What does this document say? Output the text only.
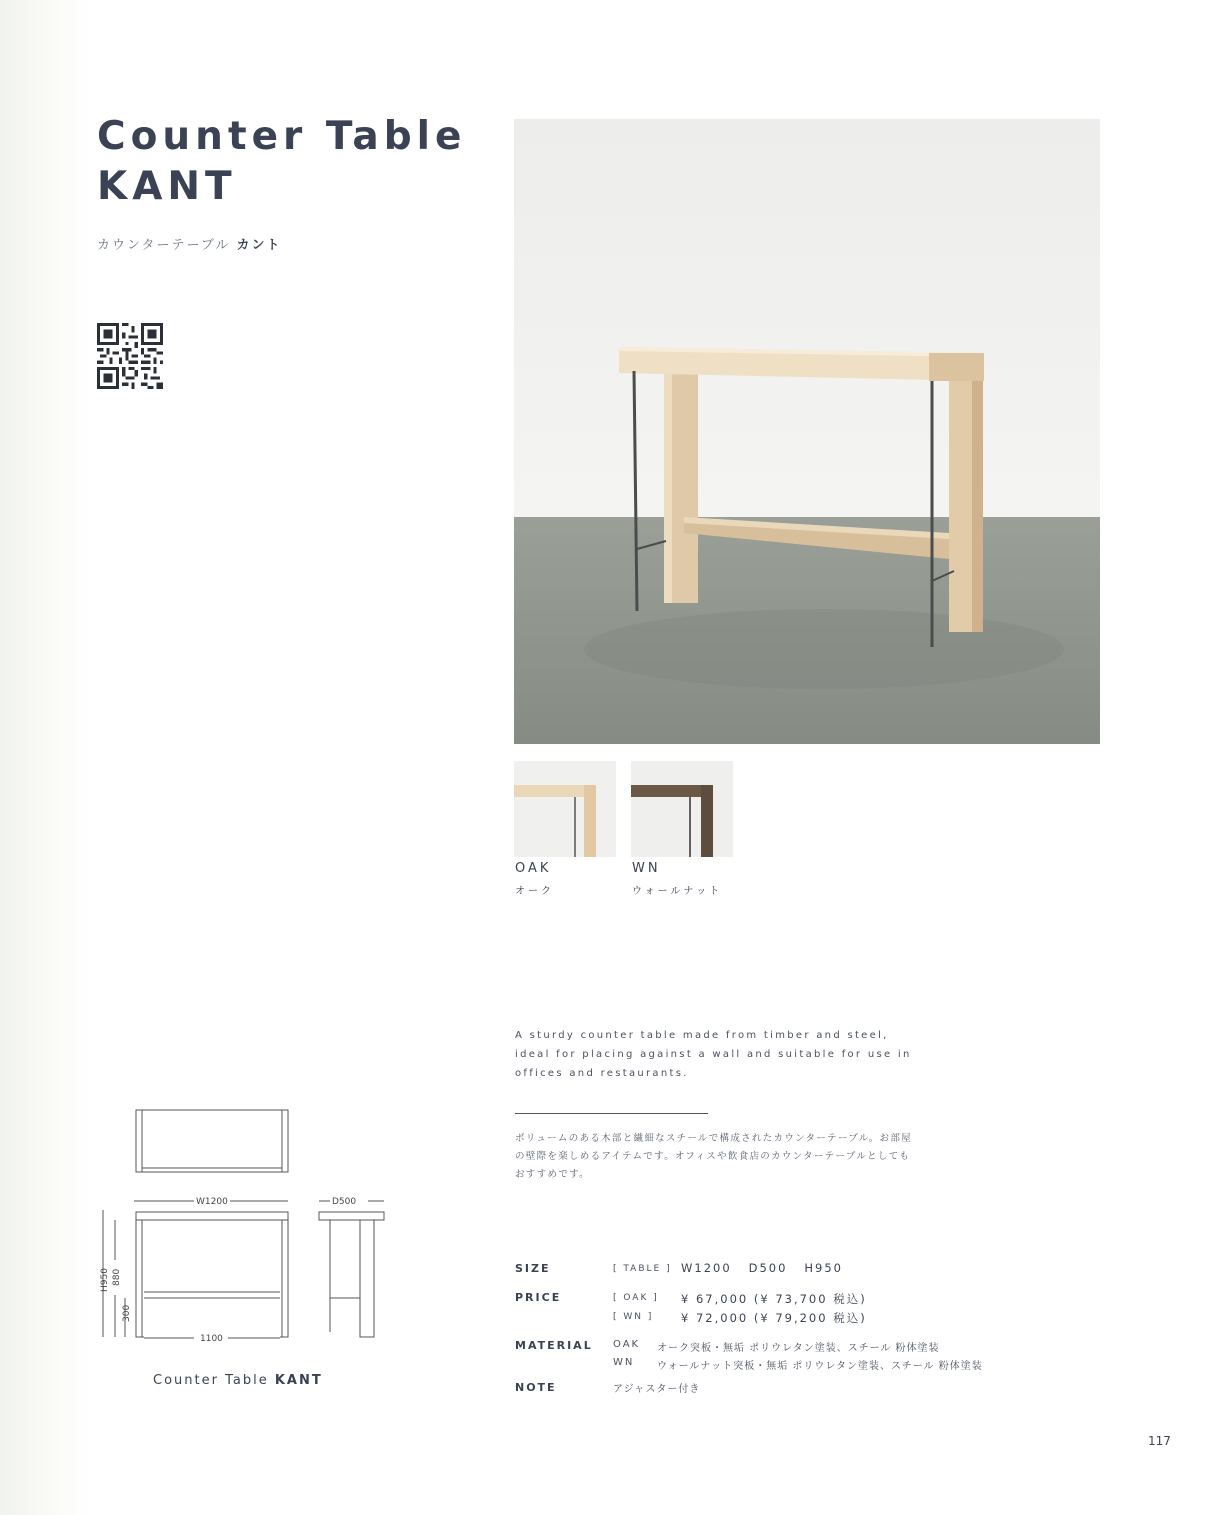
Counter Table
KANT
カウンターテーブル カント
OAK
オーク
WN
ウォールナット
A sturdy counter table made from timber and steel, ideal for placing against a wall and suitable for use in offices and restaurants.
ボリュームのある木部と繊細なスチールで構成されたカウンターテーブル。お部屋の壁際を楽しめるアイテムです。オフィスや飲食店のカウンターテーブルとしてもおすすめです。
SIZE	[ TABLE ] W1200   D500   H950
PRICE	[ OAK ] ¥ 67,000 (¥ 73,700 税込)
[ WN ] ¥ 72,000 (¥ 79,200 税込)
MATERIAL OAK オーク突板・無垢 ポリウレタン塗装、スチール 粉体塗装
WN ウォールナット突板・無垢 ポリウレタン塗装、スチール 粉体塗装
NOTE	アジャスター付き
W1200	D500
1100
H950 880
300
Counter Table KANT
117
